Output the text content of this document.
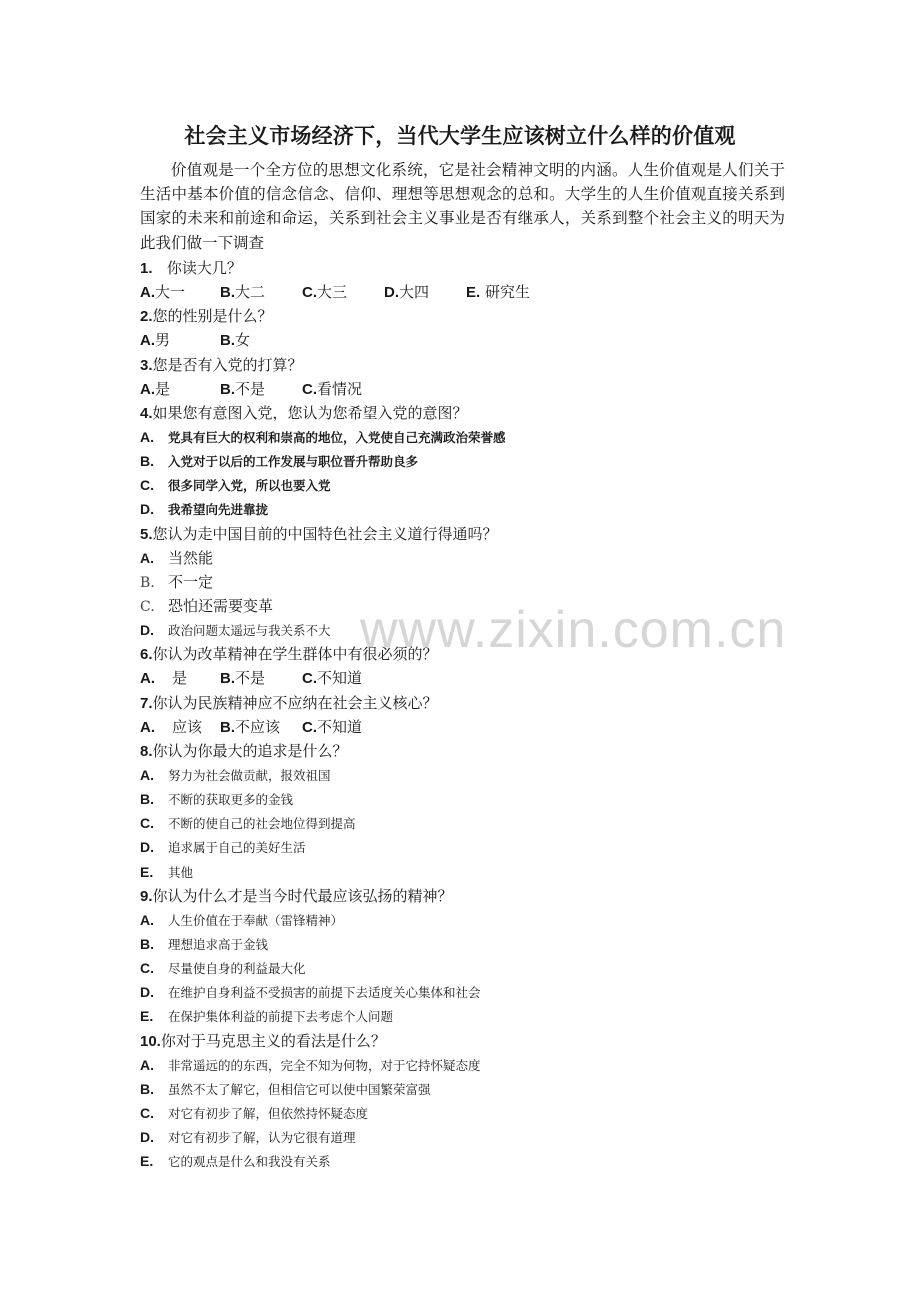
社会主义市场经济下，当代大学生应该树立什么样的价值观
价值观是一个全方位的思想文化系统，它是社会精神文明的内涵。人生价值观是人们关于生活中基本价值的信念信念、信仰、理想等思想观念的总和。大学生的人生价值观直接关系到国家的未来和前途和命运，关系到社会主义事业是否有继承人，关系到整个社会主义的明天为此我们做一下调查
www.zixin.com.cn
1. 你读大几？
A.大一 B.大二 C.大三 D.大四 E. 研究生
2.您的性别是什么？
A.男	B.女
3.您是否有入党的打算？
A.是	B.不是 C.看情况
4.如果您有意图入党，您认为您希望入党的意图？
A. 党具有巨大的权利和崇高的地位，入党使自己充满政治荣誉感
B. 入党对于以后的工作发展与职位晋升帮助良多
C. 很多同学入党，所以也要入党
D. 我希望向先进靠拢
5.您认为走中国目前的中国特色社会主义道行得通吗？
A. 当然能
B. 不一定
C. 恐怕还需要变革
D. 政治问题太遥远与我关系不大
6.你认为改革精神在学生群体中有很必须的？
A. 是 B.不是 C.不知道
7.你认为民族精神应不应纳在社会主义核心？
A. 应该 B.不应该 C.不知道
8.你认为你最大的追求是什么？
A. 努力为社会做贡献，报效祖国
B. 不断的获取更多的金钱
C. 不断的使自己的社会地位得到提高
D. 追求属于自己的美好生活
E. 其他
9.你认为什么才是当今时代最应该弘扬的精神？
A. 人生价值在于奉献（雷锋精神）
B. 理想追求高于金钱
C. 尽量使自身的利益最大化
D. 在维护自身利益不受损害的前提下去适度关心集体和社会
E. 在保护集体利益的前提下去考虑个人问题
10.你对于马克思主义的看法是什么？
A. 非常遥远的的东西，完全不知为何物，对于它持怀疑态度
B. 虽然不太了解它，但相信它可以使中国繁荣富强
C. 对它有初步了解，但依然持怀疑态度
D. 对它有初步了解，认为它很有道理
E. 它的观点是什么和我没有关系
